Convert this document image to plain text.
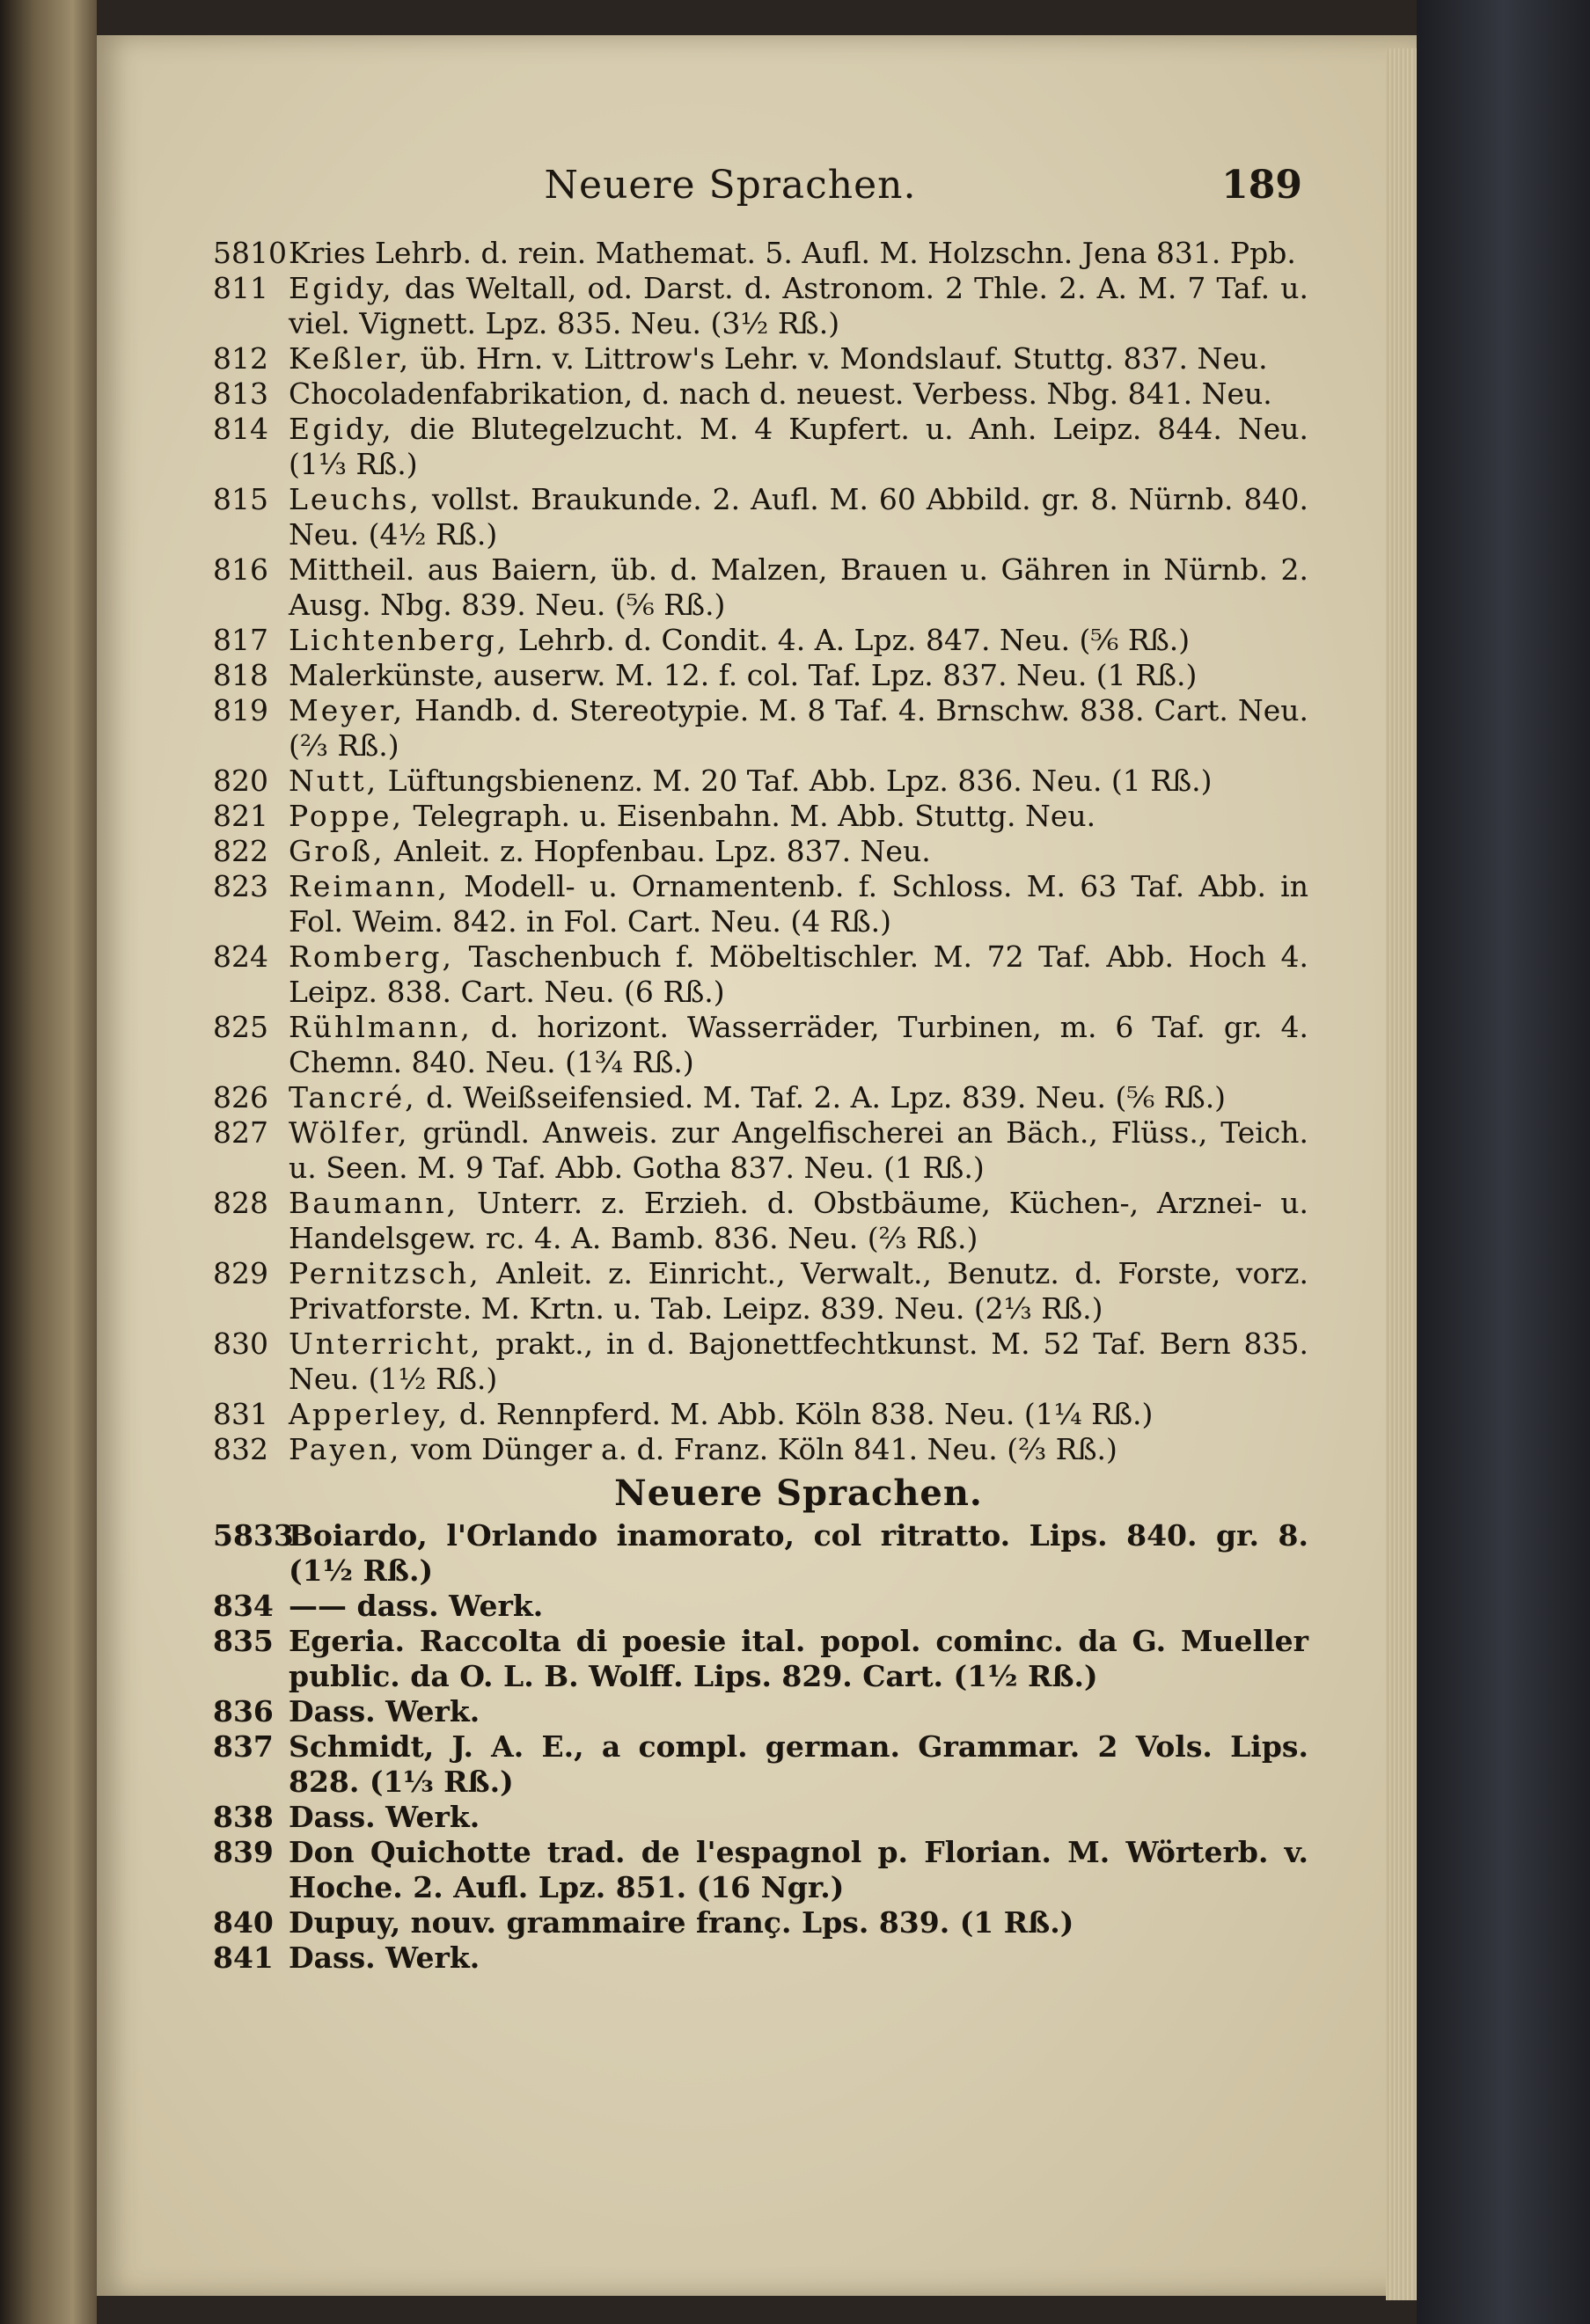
Neuere Sprachen.	189
5810 Kries Lehrb. d. rein. Mathemat. 5. Aufl. M. Holzschn. Jena 831. Ppb.
811 Egidy, das Weltall, od. Darst. d. Astronom. 2 Thle. 2. A. M. 7 Taf. u. viel. Vignett. Lpz. 835. Neu. (3½ Rß.)
812 Keßler, üb. Hrn. v. Littrow's Lehr. v. Mondslauf. Stuttg. 837. Neu.
813 Chocoladenfabrikation, d. nach d. neuest. Verbess. Nbg. 841. Neu.
814 Egidy, die Blutegelzucht. M. 4 Kupfert. u. Anh. Leipz. 844. Neu. (1⅓ Rß.)
815 Leuchs, vollst. Braukunde. 2. Aufl. M. 60 Abbild. gr. 8. Nürnb. 840. Neu. (4½ Rß.)
816 Mittheil. aus Baiern, üb. d. Malzen, Brauen u. Gähren in Nürnb. 2. Ausg. Nbg. 839. Neu. (⅚ Rß.)
817 Lichtenberg, Lehrb. d. Condit. 4. A. Lpz. 847. Neu. (⅚ Rß.)
818 Malerkünste, auserw. M. 12. f. col. Taf. Lpz. 837. Neu. (1 Rß.)
819 Meyer, Handb. d. Stereotypie. M. 8 Taf. 4. Brnschw. 838. Cart. Neu. (⅔ Rß.)
820 Nutt, Lüftungsbienenz. M. 20 Taf. Abb. Lpz. 836. Neu. (1 Rß.)
821 Poppe, Telegraph. u. Eisenbahn. M. Abb. Stuttg. Neu.
822 Groß, Anleit. z. Hopfenbau. Lpz. 837. Neu.
823 Reimann, Modell- u. Ornamentenb. f. Schloss. M. 63 Taf. Abb. in Fol. Weim. 842. in Fol. Cart. Neu. (4 Rß.)
824 Romberg, Taschenbuch f. Möbeltischler. M. 72 Taf. Abb. Hoch 4. Leipz. 838. Cart. Neu. (6 Rß.)
825 Rühlmann, d. horizont. Wasserräder, Turbinen, m. 6 Taf. gr. 4. Chemn. 840. Neu. (1¾ Rß.)
826 Tancré, d. Weißseifensied. M. Taf. 2. A. Lpz. 839. Neu. (⅚ Rß.)
827 Wölfer, gründl. Anweis. zur Angelfischerei an Bäch., Flüss., Teich. u. Seen. M. 9 Taf. Abb. Gotha 837. Neu. (1 Rß.)
828 Baumann, Unterr. z. Erzieh. d. Obstbäume, Küchen-, Arznei- u. Handelsgew. rc. 4. A. Bamb. 836. Neu. (⅔ Rß.)
829 Pernitzsch, Anleit. z. Einricht., Verwalt., Benutz. d. Forste, vorz. Privatforste. M. Krtn. u. Tab. Leipz. 839. Neu. (2⅓ Rß.)
830 Unterricht, prakt., in d. Bajonettfechtkunst. M. 52 Taf. Bern 835. Neu. (1½ Rß.)
831 Apperley, d. Rennpferd. M. Abb. Köln 838. Neu. (1¼ Rß.)
832 Payen, vom Dünger a. d. Franz. Köln 841. Neu. (⅔ Rß.)
Neuere Sprachen.
5833
Boiardo, l'Orlando inamorato, col ritratto. Lips. 840. gr. 8. (1½ Rß.)
834 —— dass. Werk.
835 Egeria. Raccolta di poesie ital. popol. cominc. da G. Mueller public. da O. L. B. Wolff. Lips. 829. Cart. (1½ Rß.)
836 Dass. Werk.
837 Schmidt, J. A. E., a compl. german. Grammar. 2 Vols. Lips. 828. (1⅓ Rß.)
838 Dass. Werk.
839 Don Quichotte trad. de l'espagnol p. Florian. M. Wörterb. v. Hoche. 2. Aufl. Lpz. 851. (16 Ngr.)
840 Dupuy, nouv. grammaire franç. Lps. 839. (1 Rß.)
841 Dass. Werk.
